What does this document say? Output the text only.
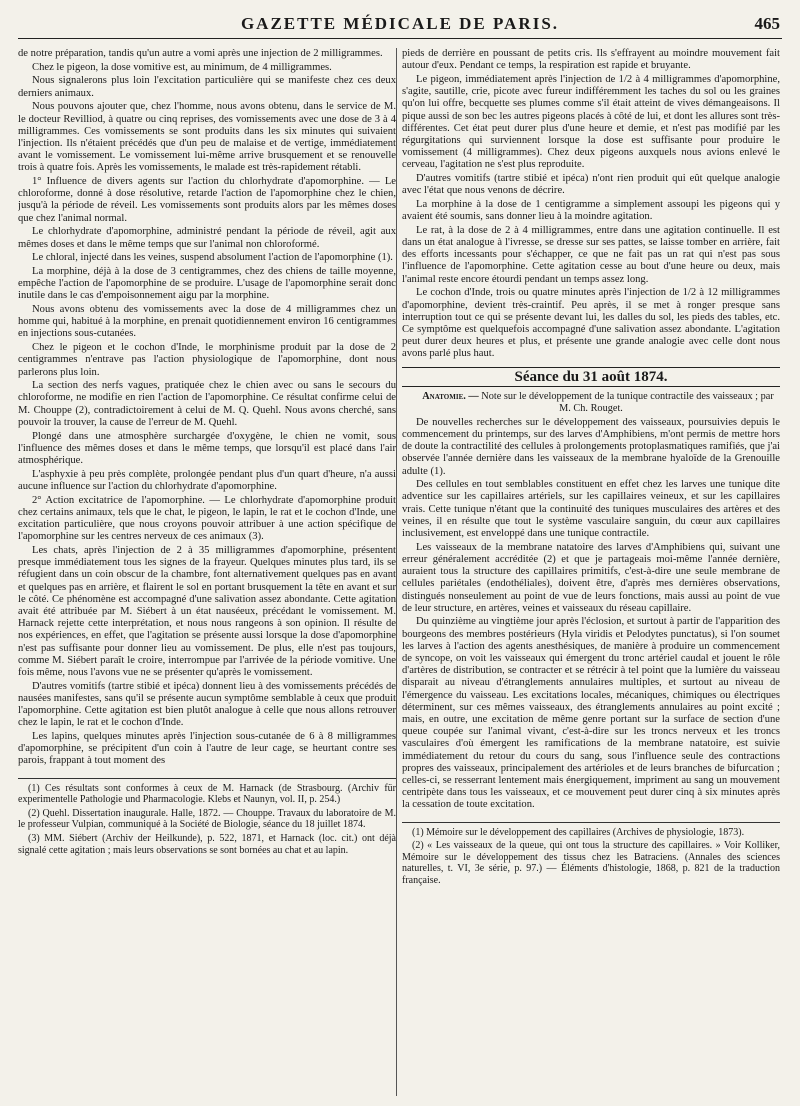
GAZETTE MÉDICALE DE PARIS.	465

de notre préparation, tandis qu'un autre a vomi après une injection de 2 milligrammes.

Chez le pigeon, la dose vomitive est, au minimum, de 4 milligrammes.

Nous signalerons plus loin l'excitation particulière qui se manifeste chez ces deux derniers animaux.

Nous pouvons ajouter que, chez l'homme, nous avons obtenu, dans le service de M. le docteur Revilliod, à quatre ou cinq reprises, des vomissements avec une dose de 3 à 4 milligrammes. Ces vomissements se sont produits dans les six minutes qui suivaient l'injection. Ils n'étaient précédés que d'un peu de malaise et de vertige, immédiatement avant le vomissement. Le vomissement lui-même arrive brusquement et se renouvelle trois à quatre fois. Après les vomissements, le malade est très-rapidement rétabli.

1° Influence de divers agents sur l'action du chlorhydrate d'apomorphine. — Le chloroforme, donné à dose résolutive, retarde l'action de l'apomorphine chez le chien, jusqu'à la période de réveil. Les vomissements sont produits alors par les mêmes doses que chez l'animal normal.

Le chlorhydrate d'apomorphine, administré pendant la période de réveil, agit aux mêmes doses et dans le même temps que sur l'animal non chloroformé.

Le chloral, injecté dans les veines, suspend absolument l'action de l'apomorphine (1).

La morphine, déjà à la dose de 3 centigrammes, chez des chiens de taille moyenne, empêche l'action de l'apomorphine de se produire. L'usage de l'apomorphine serait donc inutile dans le cas d'empoisonnement aigu par la morphine.

Nous avons obtenu des vomissements avec la dose de 4 milligrammes chez un homme qui, habitué à la morphine, en prenait quotidiennement environ 16 centigrammes en injections sous-cutanées.

Chez le pigeon et le cochon d'Inde, le morphinisme produit par la dose de 2 centigrammes n'entrave pas l'action physiologique de l'apomorphine, dont nous parlerons plus loin.

La section des nerfs vagues, pratiquée chez le chien avec ou sans le secours du chloroforme, ne modifie en rien l'action de l'apomorphine. Ce résultat confirme celui de M. Chouppe (2), contradictoirement à celui de M. Q. Quehl. Nous avons cherché, sans pouvoir la trouver, la cause de l'erreur de M. Quehl.

Plongé dans une atmosphère surchargée d'oxygène, le chien ne vomit, sous l'influence des mêmes doses et dans le même temps, que lorsqu'il est placé dans l'air atmosphérique.

L'asphyxie à peu près complète, prolongée pendant plus d'un quart d'heure, n'a aussi aucune influence sur l'action du chlorhydrate d'apomorphine.

2° Action excitatrice de l'apomorphine. — Le chlorhydrate d'apomorphine produit chez certains animaux, tels que le chat, le pigeon, le lapin, le rat et le cochon d'Inde, une excitation particulière, que nous croyons pouvoir attribuer à une action spécifique de l'apomorphine sur les centres nerveux de ces animaux (3).

Les chats, après l'injection de 2 à 35 milligrammes d'apomorphine, présentent presque immédiatement tous les signes de la frayeur. Quelques minutes plus tard, ils se réfugient dans un coin obscur de la chambre, font alternativement quelques pas en avant et quelques pas en arrière, et flairent le sol en portant brusquement la tête en avant et sur le côté. Ce phénomène est accompagné d'une salivation assez abondante. Cette agitation avait été attribuée par M. Siébert à un état nauséeux, précédant le vomissement. M. Harnack rejette cette interprétation, et nous nous rangeons à son opinion. Il résulte de nos expériences, en effet, que l'agitation se présente aussi lorsque la dose d'apomorphine n'est pas suffisante pour donner lieu au vomissement. De plus, elle n'est pas toujours, comme M. Siébert paraît le croire, interrompue par l'arrivée de la période vomitive. Une fois même, nous l'avons vue ne se présenter qu'après le vomissement.

D'autres vomitifs (tartre stibié et ipéca) donnent lieu à des vomissements précédés de nausées manifestes, sans qu'il se présente aucun symptôme semblable à ceux que produit l'apomorphine. Cette agitation est bien plutôt analogue à celle que nous allons retrouver chez le lapin, le rat et le cochon d'Inde.

Les lapins, quelques minutes après l'injection sous-cutanée de 6 à 8 milligrammes d'apomorphine, se précipitent d'un coin à l'autre de leur cage, se heurtant contre ses parois, frappant à tout moment des

(1) Ces résultats sont conformes à ceux de M. Harnack (de Strasbourg. (Archiv für experimentelle Pathologie und Pharmacologie. Klebs et Naunyn, vol. II, p. 254.)

(2) Quehl. Dissertation inaugurale. Halle, 1872. — Chouppe. Travaux du laboratoire de M. le professeur Vulpian, communiqué à la Société de Biologie, séance du 18 juillet 1874.

(3) MM. Siébert (Archiv der Heilkunde), p. 522, 1871, et Harnack (loc. cit.) ont déjà signalé cette agitation ; mais leurs observations se sont bornées au chat et au lapin.

pieds de derrière en poussant de petits cris. Ils s'effrayent au moindre mouvement fait autour d'eux. Pendant ce temps, la respiration est rapide et bruyante.

Le pigeon, immédiatement après l'injection de 1/2 à 4 milligrammes d'apomorphine, s'agite, sautille, crie, picote avec fureur indifféremment les taches du sol ou les graines qu'on lui offre, becquette ses plumes comme s'il était atteint de vives démangeaisons. Il pique aussi de son bec les autres pigeons placés à côté de lui, et dont les allures sont très-différentes. Cet état peut durer plus d'une heure et demie, et n'est pas modifié par les régurgitations qui surviennent lorsque la dose est suffisante pour produire le vomissement (4 milligrammes). Chez deux pigeons auxquels nous avions enlevé le cerveau, l'agitation ne s'est plus reproduite.

D'autres vomitifs (tartre stibié et ipéca) n'ont rien produit qui eût quelque analogie avec l'état que nous venons de décrire.

La morphine à la dose de 1 centigramme a simplement assoupi les pigeons qui y avaient été soumis, sans donner lieu à la moindre agitation.

Le rat, à la dose de 2 à 4 milligrammes, entre dans une agitation continuelle. Il est dans un état analogue à l'ivresse, se dresse sur ses pattes, se laisse tomber en arrière, fait des efforts incessants pour s'échapper, ce que ne fait pas un rat qui n'est pas sous l'influence de l'apomorphine. Cette agitation cesse au bout d'une heure ou deux, mais l'animal reste encore étourdi pendant un temps assez long.

Le cochon d'Inde, trois ou quatre minutes après l'injection de 1/2 à 12 milligrammes d'apomorphine, devient très-craintif. Peu après, il se met à ronger presque sans interruption tout ce qui se présente devant lui, les dalles du sol, les pieds des tables, etc. Ce symptôme est quelquefois accompagné d'une salivation assez abondante. L'agitation peut durer deux heures et plus, et présente une grande analogie avec celle dont nous avons parlé plus haut.

Séance du 31 août 1874.

Anatomie. — Note sur le développement de la tunique contractile des vaisseaux ; par M. Ch. Rouget.

De nouvelles recherches sur le développement des vaisseaux, poursuivies depuis le commencement du printemps, sur des larves d'Amphibiens, m'ont permis de mettre hors de doute la contractilité des cellules à prolongements protoplasmatiques ramifiés, que j'ai observée l'année dernière dans les vaisseaux de la membrane hyaloïde de la Grenouille adulte (1).

Des cellules en tout semblables constituent en effet chez les larves une tunique dite adventice sur les capillaires artériels, sur les capillaires veineux, et sur les capillaires vrais. Cette tunique n'étant que la continuité des tuniques musculaires des artères et des veines, il en résulte que tout le système vasculaire sanguin, du cœur aux capillaires inclusivement, est enveloppé dans une tunique contractile.

Les vaisseaux de la membrane natatoire des larves d'Amphibiens qui, suivant une erreur généralement accréditée (2) et que je partageais moi-même l'année dernière, auraient tous la structure des capillaires primitifs, c'est-à-dire une seule membrane de cellules pariétales (endothéliales), doivent être, d'après mes dernières observations, distingués nonseulement au point de vue de leurs fonctions, mais aussi au point de vue de leur structure, en artères, veines et vaisseaux du réseau capillaire.

Du quinzième au vingtième jour après l'éclosion, et surtout à partir de l'apparition des bourgeons des membres postérieurs (Hyla viridis et Pelodytes punctatus), si l'on soumet les larves à l'action des agents anesthésiques, de manière à produire un commencement de syncope, on voit les vaisseaux qui émergent du tronc artériel caudal et jouent le rôle d'artères de distribution, se contracter et se rétrécir à tel point que la lumière du vaisseau disparait au niveau d'étranglements annulaires multiples, et surtout au niveau de l'émergence du vaisseau. Les excitations locales, mécaniques, chimiques ou électriques déterminent, sur ces mêmes vaisseaux, des étranglements annulaires au point excité ; mais, en outre, une excitation de même genre portant sur la surface de section d'une queue coupée sur l'animal vivant, c'est-à-dire sur les troncs nerveux et les troncs vasculaires d'où émergent les ramifications de la membrane natatoire, est suivie immédiatement du retour du cours du sang, sous l'influence seule des contractions propres des vaisseaux, principalement des artérioles et de leurs branches de bifurcation ; celles-ci, se resserrant lentement mais énergiquement, impriment au sang un mouvement centripète dans tous les vaisseaux, et ce mouvement peut durer cinq à six minutes après la cessation de toute excitation.

(1) Mémoire sur le développement des capillaires (Archives de physiologie, 1873).

(2) « Les vaisseaux de la queue, qui ont tous la structure des capillaires. » Voir Kolliker, Mémoire sur le développement des tissus chez les Batraciens. (Annales des sciences naturelles, t. VI, 3e série, p. 97.) — Éléments d'histologie, 1868, p. 821 de la traduction française.
